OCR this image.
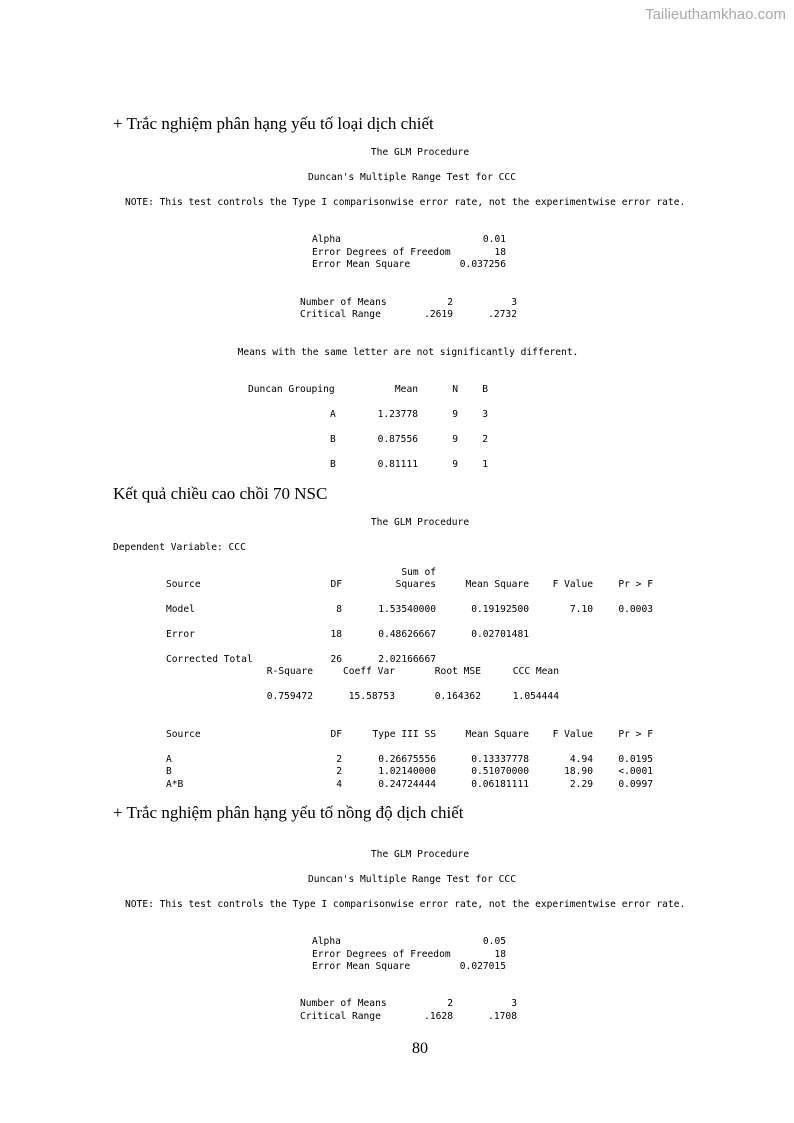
Tailieuthamkhao.com
+ Trắc nghiệm phân hạng yếu tố loại dịch chiết
The GLM Procedure
Duncan's Multiple Range Test for CCC
NOTE: This test controls the Type I comparisonwise error rate, not the experimentwise error rate.
Alpha	0.01
Error Degrees of Freedom	18
Error Mean Square	0.037256
Number of Means	2	3
Critical Range	.2619	.2732
Means with the same letter are not significantly different.
Duncan Grouping	Mean	N	B
A	1.23778	9	3
B	0.87556	9	2
B	0.81111	9	1
Kết quả chiều cao chồi 70 NSC
The GLM Procedure
Dependent Variable: CCC
Sum of
Source	DF	Squares	Mean Square F Value	Pr > F
Model	8	1.53540000	0.19192500	7.10	0.0003
Error	18	0.48626667	0.02701481
Corrected Total	26	2.02166667
R-Square	Coeff Var	Root MSE	CCC Mean
0.759472	15.58753	0.164362	1.054444
Source	DF	Type III SS	Mean Square F Value	Pr > F
A	2	0.26675556	0.13337778	4.94	0.0195
B	2	1.02140000	0.51070000	18.90	<.0001
A*B	4	0.24724444	0.06181111	2.29	0.0997
+ Trắc nghiệm phân hạng yếu tố nồng độ dịch chiết
The GLM Procedure
Duncan's Multiple Range Test for CCC
NOTE: This test controls the Type I comparisonwise error rate, not the experimentwise error rate.
Alpha	0.05
Error Degrees of Freedom	18
Error Mean Square	0.027015
Number of Means	2	3
Critical Range	.1628	.1708
80
